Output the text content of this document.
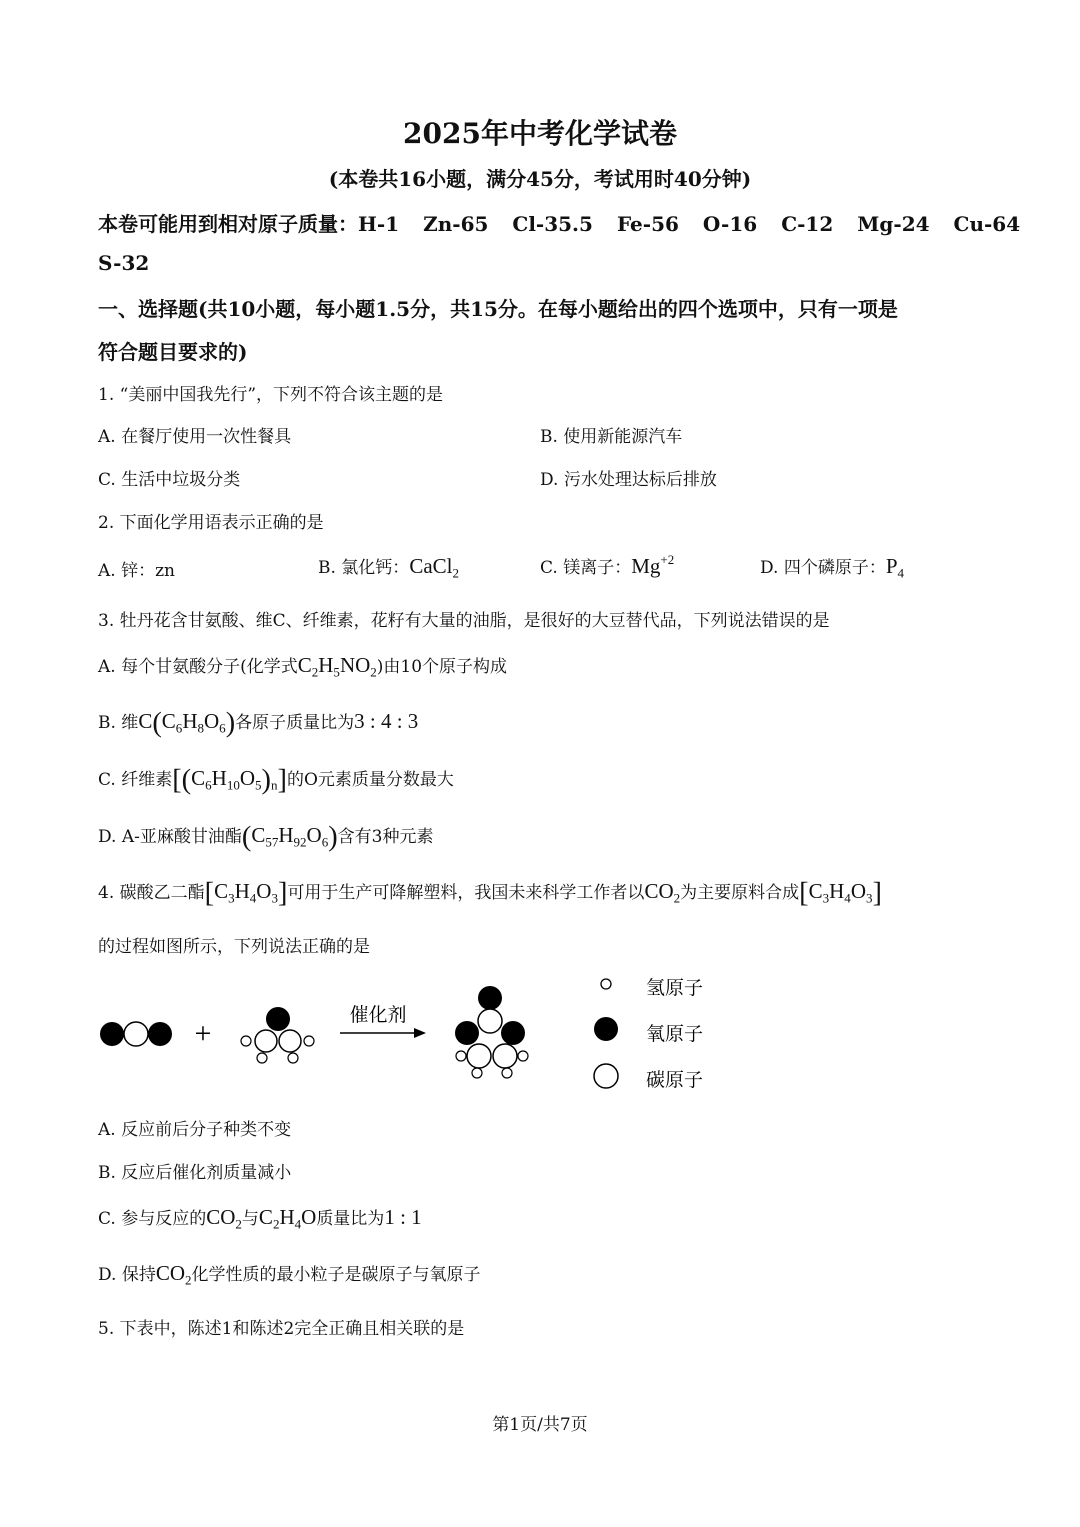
2025年中考化学试卷
(本卷共16小题，满分45分，考试用时40分钟)
本卷可能用到相对原子质量：H-1 Zn-65 Cl-35.5 Fe-56 O-16 C-12 Mg-24 Cu-64
S-32
一、选择题(共10小题，每小题1.5分，共15分。在每小题给出的四个选项中，只有一项是
符合题目要求的)
1. “美丽中国我先行”，下列不符合该主题的是
A. 在餐厅使用一次性餐具	B. 使用新能源汽车
C. 生活中垃圾分类	D. 污水处理达标后排放
2. 下面化学用语表示正确的是
A. 锌：zn	B. 氯化钙：CaCl$_2$	C. 镁离子：$Mg^{+2}$	D. 四个磷原子：$P_4$
3. 牡丹花含甘氨酸、维C、纤维素，花籽有大量的油脂，是很好的大豆替代品，下列说法错误的是
A. 每个甘氨酸分子(化学式$C_2H_5NO_2$)由10个原子构成
B. 维$C(C_6H_8O_6)$各原子质量比为3 : 4 : 3
C. 纤维素$[(C_6H_{10}O_5)_n]$的O元素质量分数最大
D. A-亚麻酸甘油酯$(C_{57}H_{92}O_6)$含有3种元素
4. 碳酸乙二酯$[C_3H_4O_3]$可用于生产可降解塑料，我国未来科学工作者以$CO_2$为主要原料合成$[C_3H_4O_3]$
的过程如图所示，下列说法正确的是
+
催化剂
氢原子
氧原子
碳原子
A. 反应前后分子种类不变
B. 反应后催化剂质量减小
C. 参与反应的$CO_2$与$C_2H_4O$质量比为1 : 1
D. 保持$CO_2$化学性质的最小粒子是碳原子与氧原子
5. 下表中，陈述1和陈述2完全正确且相关联的是
第1页/共7页
